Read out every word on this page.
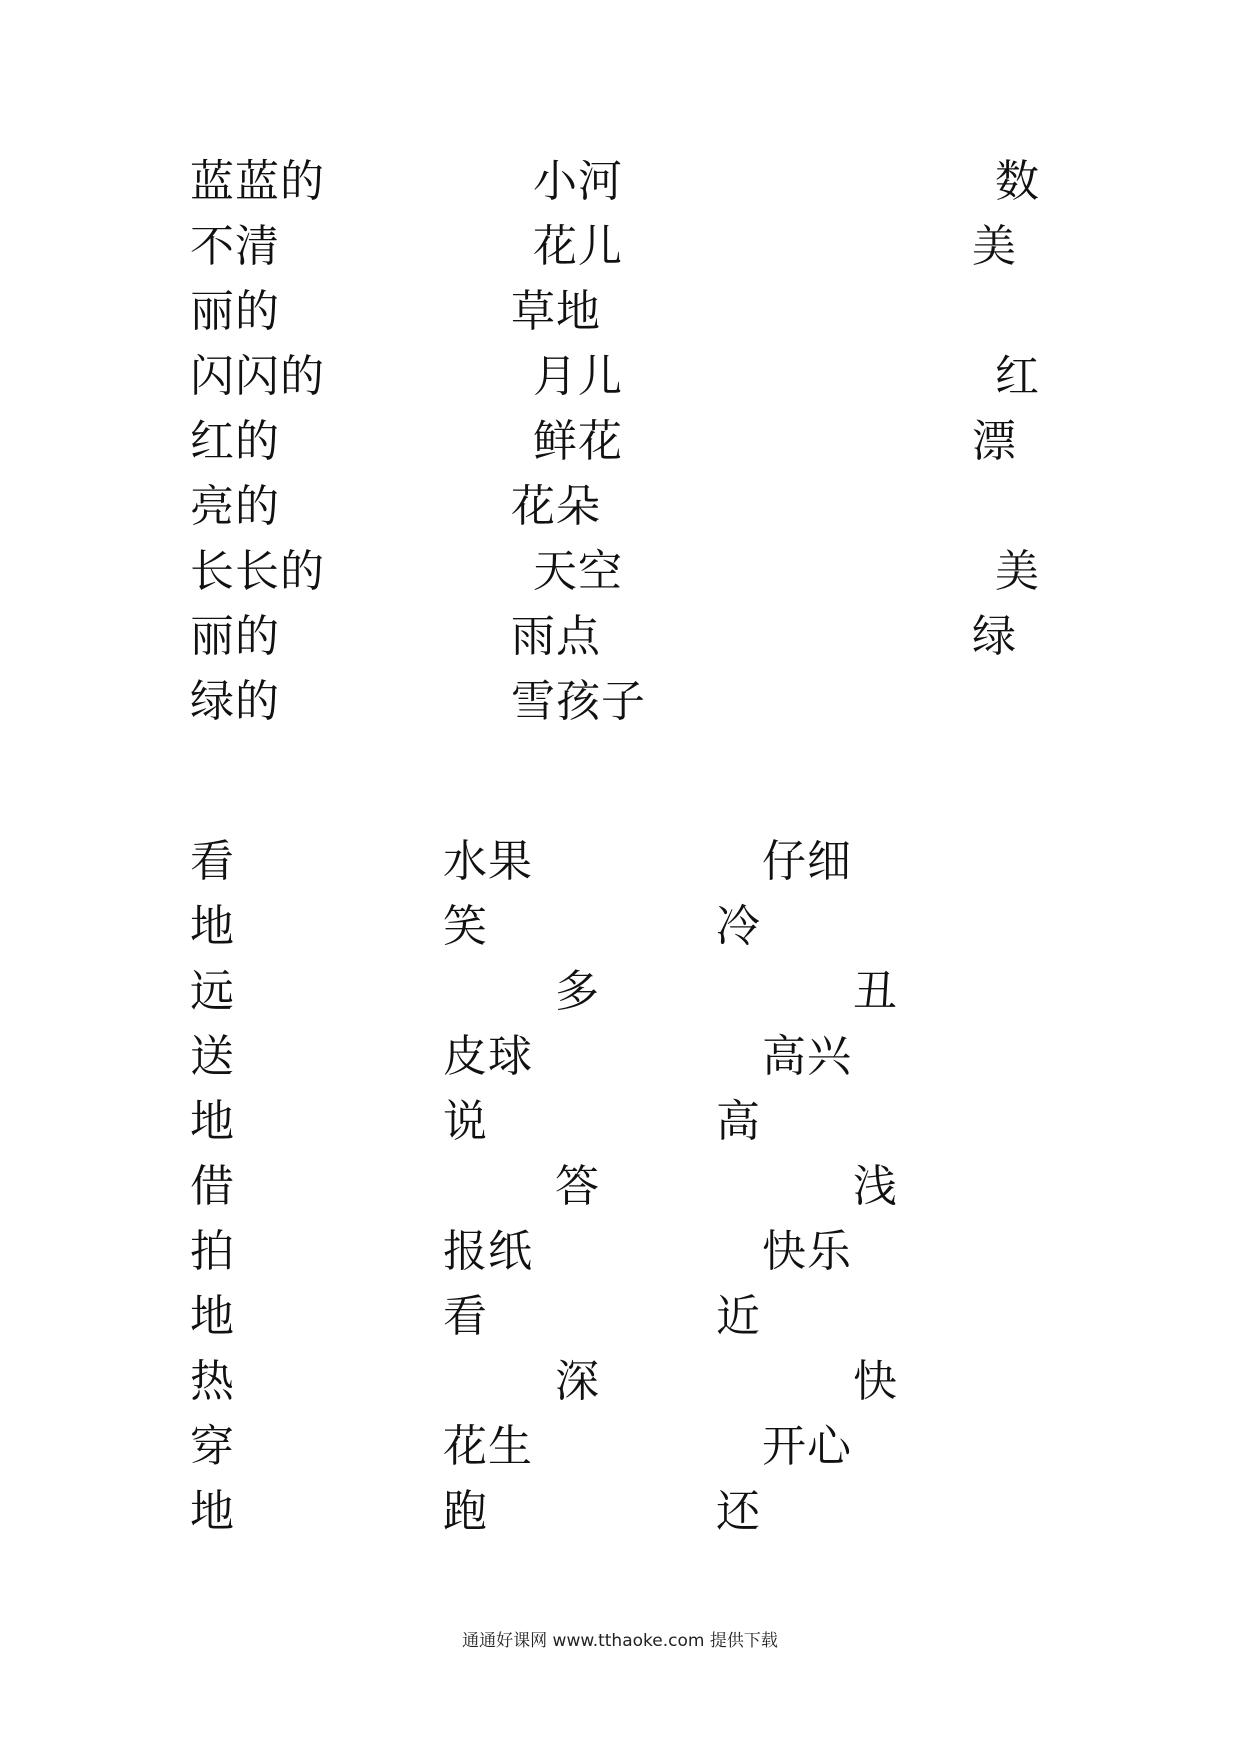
蓝蓝的	小河	数
不清	花儿	美
丽的	草地
闪闪的	月儿	红
红的	鲜花	漂
亮的	花朵
长长的	天空	美
丽的	雨点	绿
绿的	雪孩子
看	水果	仔细
地	笑	冷
远	多	丑
送	皮球	高兴
地	说	高
借	答	浅
拍	报纸	快乐
地	看	近
热	深	快
穿	花生	开心
地	跑	还
通通好课网 www.tthaoke.com 提供下载
